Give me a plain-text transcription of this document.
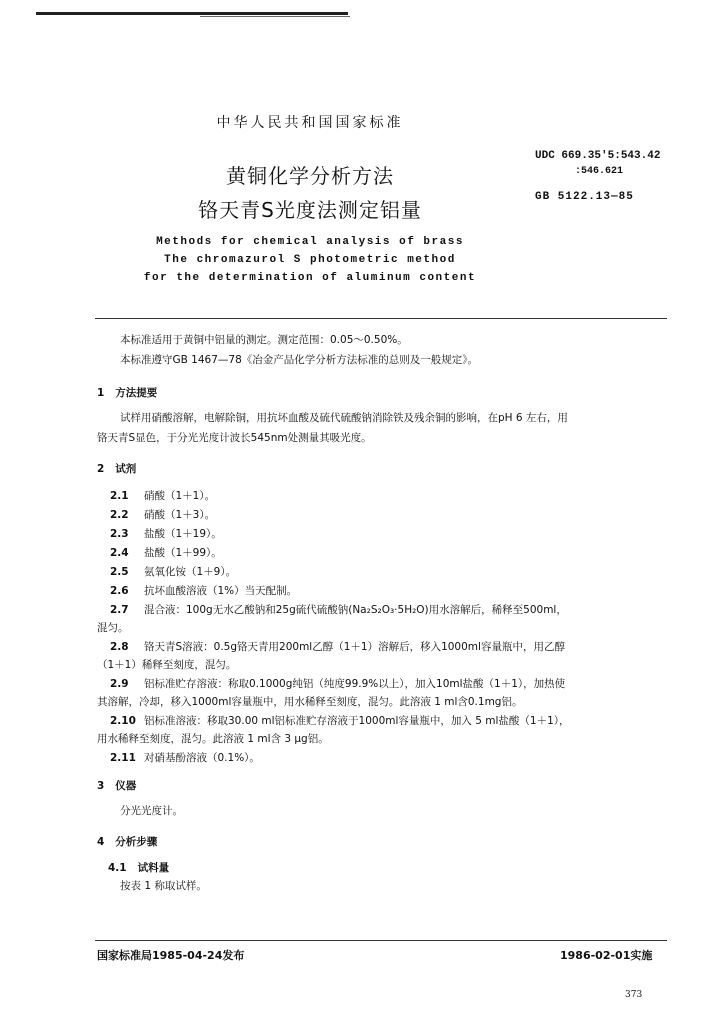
中华人民共和国国家标准
黄铜化学分析方法
铬天青S光度法测定铝量
Methods for chemical analysis of brass
The chromazurol S photometric method
for the determination of aluminum content
UDC 669.35'5:543.42
:546.621
GB 5122.13—85
本标准适用于黄铜中铝量的测定。测定范围：0.05～0.50%。
本标准遵守GB 1467—78《冶金产品化学分析方法标准的总则及一般规定》。
1 方法提要
试样用硝酸溶解，电解除铜，用抗坏血酸及硫代硫酸钠消除铁及残余铜的影响，在pH 6 左右，用
铬天青S显色，于分光光度计波长545nm处测量其吸光度。
2 试剂
2.1 硝酸（1＋1）。
2.2 硝酸（1＋3）。
2.3 盐酸（1＋19）。
2.4 盐酸（1＋99）。
2.5 氨氧化铵（1＋9）。
2.6 抗坏血酸溶液（1%）当天配制。
2.7 混合液：100g无水乙酸钠和25g硫代硫酸钠(Na₂S₂O₃·5H₂O)用水溶解后，稀释至500ml，
混匀。
2.8 铬天青S溶液：0.5g铬天青用200ml乙醇（1＋1）溶解后，移入1000ml容量瓶中，用乙醇
（1＋1）稀释至刻度，混匀。
2.9 铝标准贮存溶液：称取0.1000g纯铝（纯度99.9%以上），加入10ml盐酸（1＋1），加热使
其溶解，冷却，移入1000ml容量瓶中，用水稀释至刻度，混匀。此溶液 1 ml含0.1mg铝。
2.10 铝标准溶液：移取30.00 ml铝标准贮存溶液于1000ml容量瓶中，加入 5 ml盐酸（1＋1），
用水稀释至刻度，混匀。此溶液 1 ml含 3 μg铝。
2.11 对硝基酚溶液（0.1%）。
3 仪器
分光光度计。
4 分析步骤
4.1 试料量
按表 1 称取试样。
国家标准局1985-04-24发布	1986-02-01实施
373
